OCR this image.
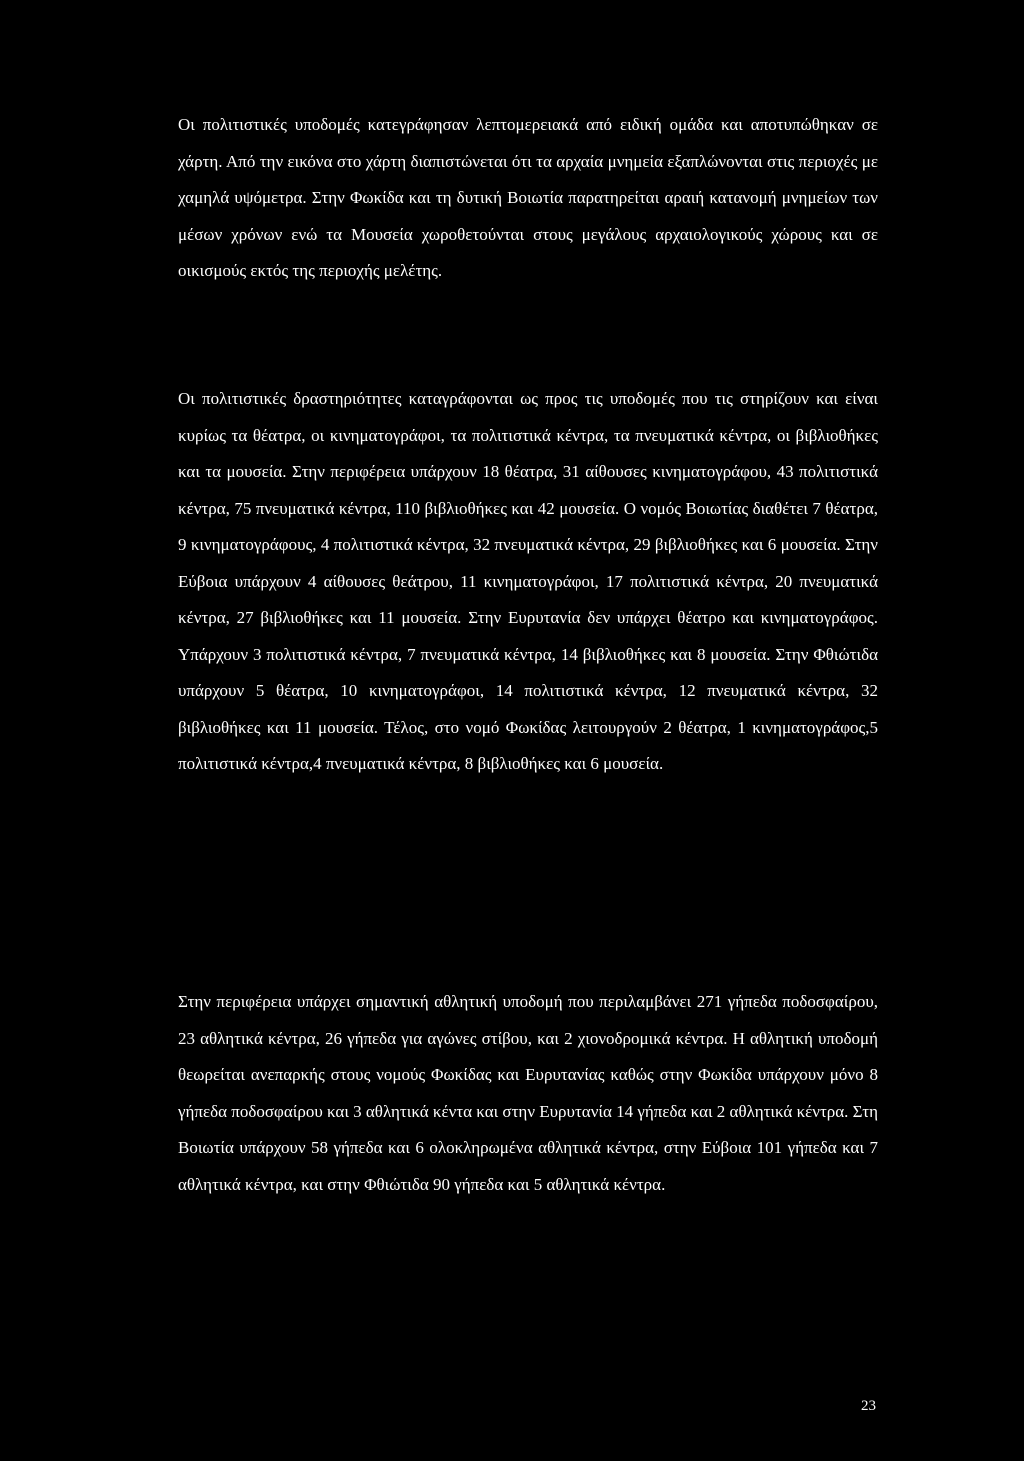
Οι πολιτιστικές υποδομές κατεγράφησαν λεπτομερειακά από ειδική ομάδα και αποτυπώθηκαν σε χάρτη. Από την εικόνα στο χάρτη διαπιστώνεται ότι τα αρχαία μνημεία εξαπλώνονται στις περιοχές με χαμηλά υψόμετρα. Στην Φωκίδα και τη δυτική Βοιωτία παρατηρείται αραιή κατανομή μνημείων των μέσων χρόνων ενώ τα Μουσεία χωροθετούνται στους μεγάλους αρχαιολογικούς χώρους και σε οικισμούς εκτός της περιοχής μελέτης.

Οι πολιτιστικές δραστηριότητες καταγράφονται ως προς τις υποδομές που τις στηρίζουν και είναι κυρίως τα θέατρα, οι κινηματογράφοι, τα πολιτιστικά κέντρα, τα πνευματικά κέντρα, οι βιβλιοθήκες και τα μουσεία. Στην περιφέρεια υπάρχουν 18 θέατρα, 31 αίθουσες κινηματογράφου, 43 πολιτιστικά κέντρα, 75 πνευματικά κέντρα, 110 βιβλιοθήκες και 42 μουσεία. Ο νομός Βοιωτίας διαθέτει 7 θέατρα, 9 κινηματογράφους, 4 πολιτιστικά κέντρα, 32 πνευματικά κέντρα, 29 βιβλιοθήκες και 6 μουσεία. Στην Εύβοια υπάρχουν 4 αίθουσες θεάτρου, 11 κινηματογράφοι, 17 πολιτιστικά κέντρα, 20 πνευματικά κέντρα, 27 βιβλιοθήκες και 11 μουσεία. Στην Ευρυτανία δεν υπάρχει θέατρο και κινηματογράφος. Υπάρχουν 3 πολιτιστικά κέντρα, 7 πνευματικά κέντρα, 14 βιβλιοθήκες και 8 μουσεία. Στην Φθιώτιδα υπάρχουν 5 θέατρα, 10 κινηματογράφοι, 14 πολιτιστικά κέντρα, 12 πνευματικά κέντρα, 32 βιβλιοθήκες και 11 μουσεία. Τέλος, στο νομό Φωκίδας λειτουργούν 2 θέατρα, 1 κινηματογράφος,5 πολιτιστικά κέντρα,4 πνευματικά κέντρα, 8 βιβλιοθήκες και 6 μουσεία.

Στην περιφέρεια υπάρχει σημαντική αθλητική υποδομή που περιλαμβάνει 271 γήπεδα ποδοσφαίρου, 23 αθλητικά κέντρα, 26 γήπεδα για αγώνες στίβου, και 2 χιονοδρομικά κέντρα. Η αθλητική υποδομή θεωρείται ανεπαρκής στους νομούς Φωκίδας και Ευρυτανίας καθώς στην Φωκίδα υπάρχουν μόνο 8 γήπεδα ποδοσφαίρου και 3 αθλητικά κέντα και στην Ευρυτανία 14 γήπεδα και 2 αθλητικά κέντρα. Στη Βοιωτία υπάρχουν 58 γήπεδα και 6 ολοκληρωμένα αθλητικά κέντρα, στην Εύβοια 101 γήπεδα και 7 αθλητικά κέντρα, και στην Φθιώτιδα 90 γήπεδα και 5 αθλητικά κέντρα.

23
